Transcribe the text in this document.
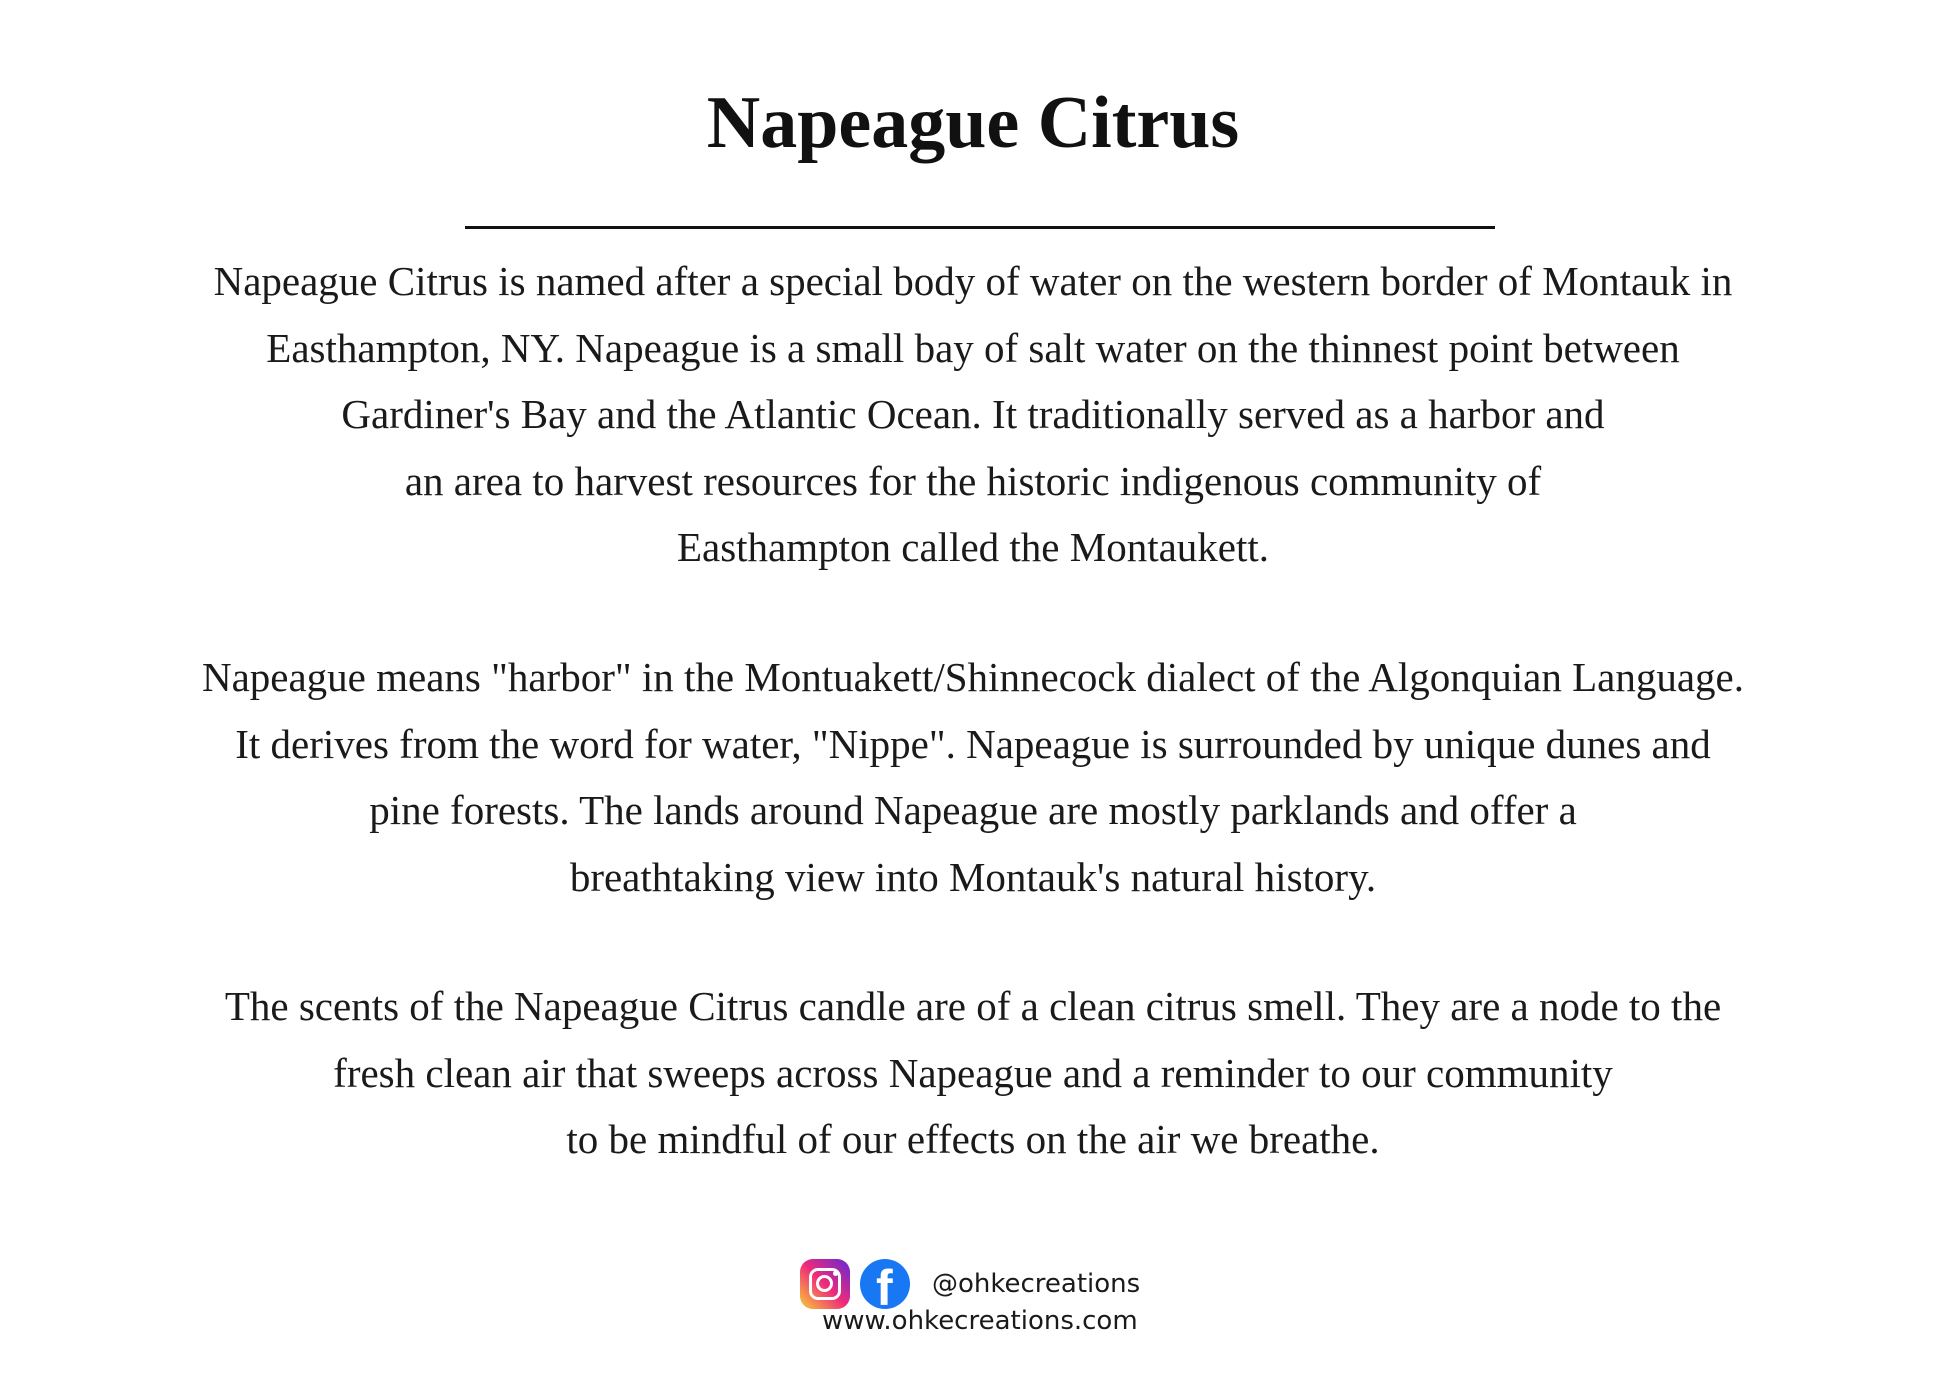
Napeague Citrus
Napeague Citrus is named after a special body of water on the western border of Montauk in
Easthampton, NY. Napeague is a small bay of salt water on the thinnest point between
Gardiner's Bay and the Atlantic Ocean. It traditionally served as a harbor and
an area to harvest resources for the historic indigenous community of
Easthampton called the Montaukett.
Napeague means "harbor" in the Montuakett/Shinnecock dialect of the Algonquian Language.
It derives from the word for water, "Nippe". Napeague is surrounded by unique dunes and
pine forests. The lands around Napeague are mostly parklands and offer a
breathtaking view into Montauk's natural history.
The scents of the Napeague Citrus candle are of a clean citrus smell. They are a node to the
fresh clean air that sweeps across Napeague and a reminder to our community
to be mindful of our effects on the air we breathe.
f @ohkecreations
www.ohkecreations.com
